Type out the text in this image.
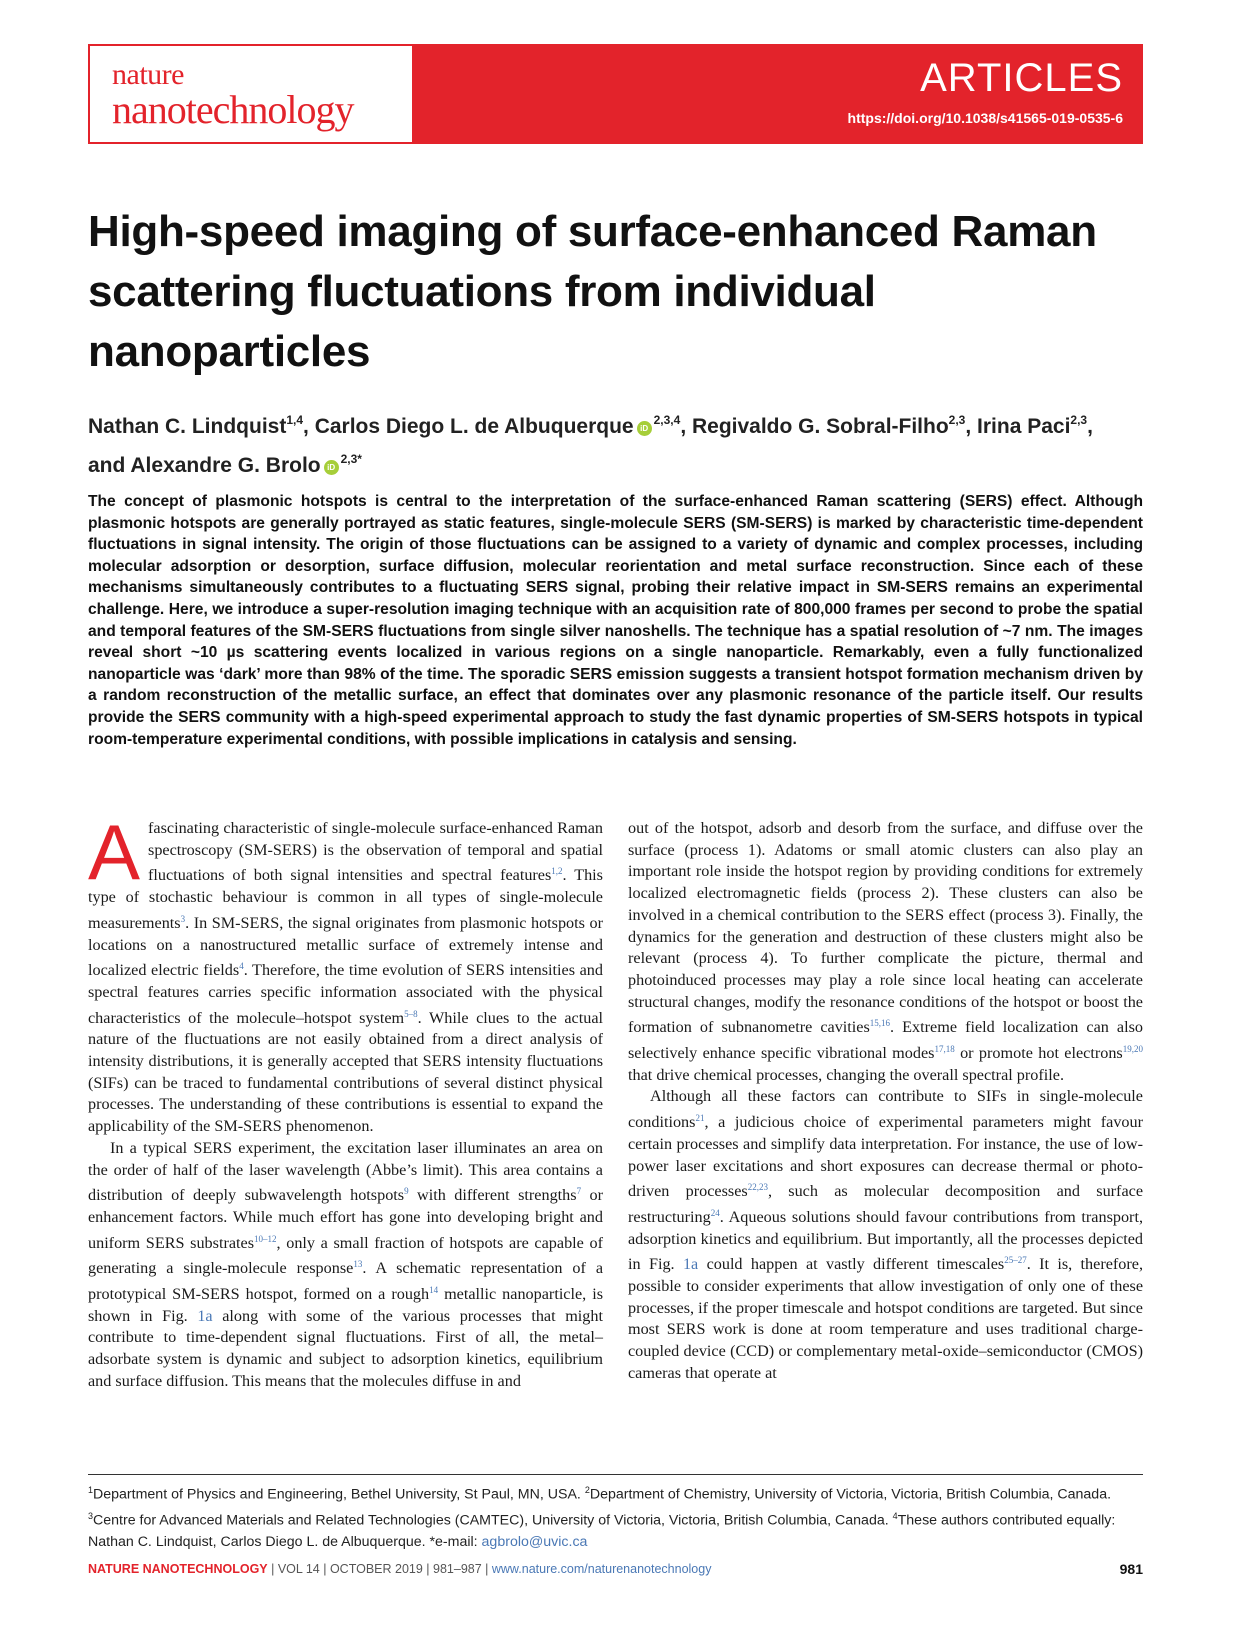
nature
nanotechnology
ARTICLES
https://doi.org/10.1038/s41565-019-0535-6
High-speed imaging of surface-enhanced Raman scattering fluctuations from individual nanoparticles
Nathan C. Lindquist$^{1,4}$, Carlos Diego L. de Albuquerque iD$^{2,3,4}$, Regivaldo G. Sobral-Filho$^{2,3}$, Irina Paci$^{2,3}$,
and Alexandre G. Brolo $iD^{2,3*}$
The concept of plasmonic hotspots is central to the interpretation of the surface-enhanced Raman scattering (SERS) effect. Although plasmonic hotspots are generally portrayed as static features, single-molecule SERS (SM-SERS) is marked by characteristic time-dependent fluctuations in signal intensity. The origin of those fluctuations can be assigned to a variety of dynamic and complex processes, including molecular adsorption or desorption, surface diffusion, molecular reorientation and metal surface reconstruction. Since each of these mechanisms simultaneously contributes to a fluctuating SERS signal, probing their relative impact in SM-SERS remains an experimental challenge. Here, we introduce a super-resolution imaging technique with an acquisition rate of 800,000 frames per second to probe the spatial and temporal features of the SM-SERS fluctuations from single silver nanoshells. The technique has a spatial resolution of ~7 nm. The images reveal short ~10 µs scattering events localized in various regions on a single nanoparticle. Remarkably, even a fully functionalized nanoparticle was ‘dark’ more than 98% of the time. The sporadic SERS emission suggests a transient hotspot formation mechanism driven by a random reconstruction of the metallic surface, an effect that dominates over any plasmonic resonance of the particle itself. Our results provide the SERS community with a high-speed experimental approach to study the fast dynamic properties of SM-SERS hotspots in typical room-temperature experimental conditions, with possible implications in catalysis and sensing.

Afascinating characteristic of single-molecule surface-enhanced Raman spectroscopy (SM-SERS) is the observation of temporal and spatial fluctuations of both signal intensities and spectral features$^{1,2}$. This type of stochastic behaviour is common in all types of single-molecule measurements$^3$. In SM-SERS, the signal originates from plasmonic hotspots or locations on a nanostructured metallic surface of extremely intense and localized electric fields$^4$. Therefore, the time evolution of SERS intensities and spectral features carries specific information associated with the physical characteristics of the molecule–hotspot system$^{5-8}$. While clues to the actual nature of the fluctuations are not easily obtained from a direct analysis of intensity distributions, it is generally accepted that SERS intensity fluctuations (SIFs) can be traced to fundamental contributions of several distinct physical processes. The understanding of these contributions is essential to expand the applicability of the SM-SERS phenomenon.

In a typical SERS experiment, the excitation laser illuminates an area on the order of half of the laser wavelength (Abbe’s limit). This area contains a distribution of deeply subwavelength hotspots$^9$ with different strengths$^7$ or enhancement factors. While much effort has gone into developing bright and uniform SERS substrates$^{10-12}$, only a small fraction of hotspots are capable of generating a single-molecule response$^{13}$. A schematic representation of a prototypical SM-SERS hotspot, formed on a rough$^{14}$ metallic nanoparticle, is shown in Fig. 1a along with some of the various processes that might contribute to time-dependent signal fluctuations. First of all, the metal–adsorbate system is dynamic and subject to adsorption kinetics, equilibrium and surface diffusion. This means that the molecules diffuse in and

out of the hotspot, adsorb and desorb from the surface, and diffuse over the surface (process 1). Adatoms or small atomic clusters can also play an important role inside the hotspot region by providing conditions for extremely localized electromagnetic fields (process 2). These clusters can also be involved in a chemical contribution to the SERS effect (process 3). Finally, the dynamics for the generation and destruction of these clusters might also be relevant (process 4). To further complicate the picture, thermal and photoinduced processes may play a role since local heating can accelerate structural changes, modify the resonance conditions of the hotspot or boost the formation of subnanometre cavities$^{15,16}$. Extreme field localization can also selectively enhance specific vibrational modes$^{17,18}$ or promote hot electrons$^{19,20}$ that drive chemical processes, changing the overall spectral profile.

Although all these factors can contribute to SIFs in single-molecule conditions$^{21}$, a judicious choice of experimental parameters might favour certain processes and simplify data interpretation. For instance, the use of low-power laser excitations and short exposures can decrease thermal or photo-driven processes$^{22,23}$, such as molecular decomposition and surface restructuring$^{24}$. Aqueous solutions should favour contributions from transport, adsorption kinetics and equilibrium. But importantly, all the processes depicted in Fig. 1a could happen at vastly different timescales$^{25-27}$. It is, therefore, possible to consider experiments that allow investigation of only one of these processes, if the proper timescale and hotspot conditions are targeted. But since most SERS work is done at room temperature and uses traditional charge-coupled device (CCD) or complementary metal-oxide–semiconductor (CMOS) cameras that operate at

$^1$Department of Physics and Engineering, Bethel University, St Paul, MN, USA. $^2$Department of Chemistry, University of Victoria, Victoria, British Columbia, Canada. $^3$Centre for Advanced Materials and Related Technologies (CAMTEC), University of Victoria, Victoria, British Columbia, Canada. $^4$These authors contributed equally: Nathan C. Lindquist, Carlos Diego L. de Albuquerque. *e-mail: agbrolo@uvic.ca
NATURE NANOTECHNOLOGY | VOL 14 | OCTOBER 2019 | 981–987 | www.nature.com/naturenanotechnology	981
